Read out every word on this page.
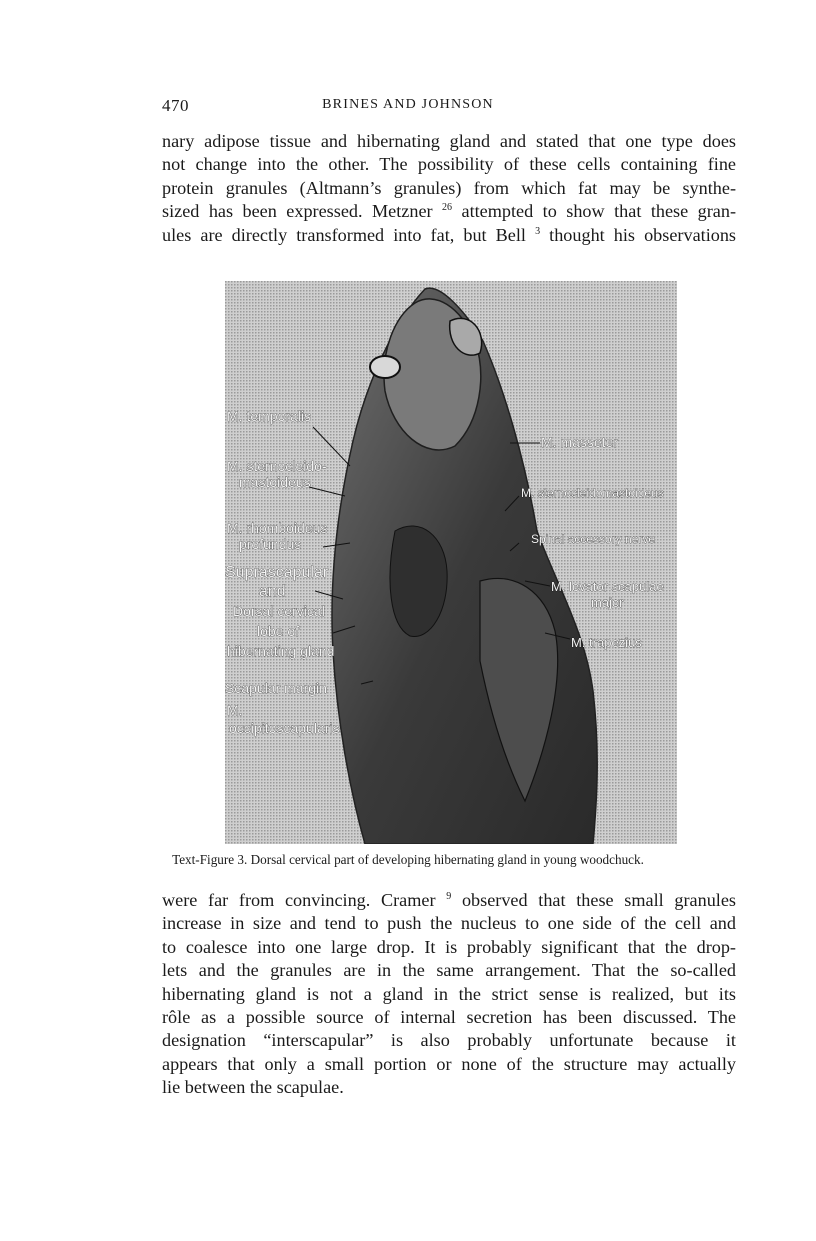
470	BRINES AND JOHNSON
nary adipose tissue and hibernating gland and stated that one type does
not change into the other. The possibility of these cells containing fine
protein granules (Altmann’s granules) from which fat may be synthe-
sized has been expressed. Metzner $^{26}$ attempted to show that these gran-
ules are directly transformed into fat, but Bell $^3$ thought his observations
M. temporalis
M. sternocleido-
mastoideus
M. rhomboideus
profundus
Suprascapular
and
Dorsal cervical
lobe of
hibernating gland
Scapular margin
M.
occipitoscapularis
M. masseter
M. sternocleidomastoideus
Spinal accessory nerve
M. levator scapulae
major
M. trapezius
Text-Figure 3. Dorsal cervical part of developing hibernating gland in young woodchuck.
were far from convincing. Cramer $^9$ observed that these small granules
increase in size and tend to push the nucleus to one side of the cell and
to coalesce into one large drop. It is probably significant that the drop-
lets and the granules are in the same arrangement. That the so-called
hibernating gland is not a gland in the strict sense is realized, but its
rôle as a possible source of internal secretion has been discussed. The
designation “interscapular” is also probably unfortunate because it
appears that only a small portion or none of the structure may actually
lie between the scapulae.
